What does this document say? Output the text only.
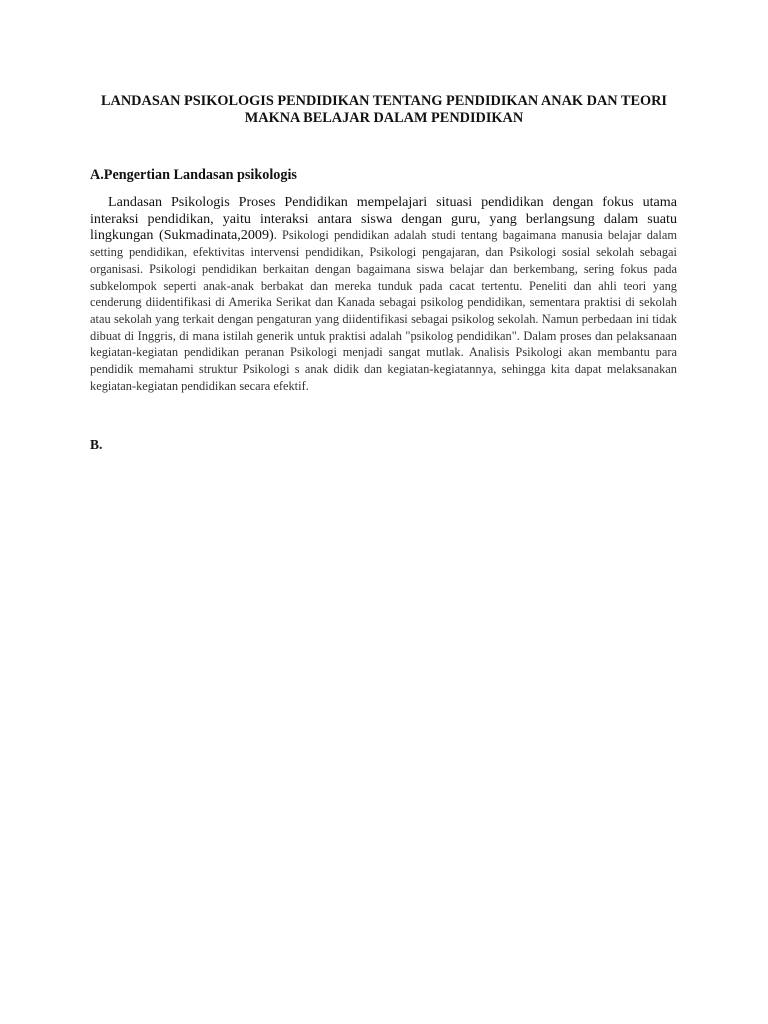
LANDASAN PSIKOLOGIS PENDIDIKAN TENTANG PENDIDIKAN ANAK DAN TEORI
MAKNA BELAJAR DALAM PENDIDIKAN
A.Pengertian Landasan psikologis

Landasan Psikologis Proses Pendidikan mempelajari situasi pendidikan dengan fokus utama interaksi pendidikan, yaitu interaksi antara siswa dengan guru, yang berlangsung dalam suatu lingkungan (Sukmadinata,2009). Psikologi pendidikan adalah studi tentang bagaimana manusia belajar dalam setting pendidikan, efektivitas intervensi pendidikan, Psikologi pengajaran, dan Psikologi sosial sekolah sebagai organisasi. Psikologi pendidikan berkaitan dengan bagaimana siswa belajar dan berkembang, sering fokus pada subkelompok seperti anak-anak berbakat dan mereka tunduk pada cacat tertentu. Peneliti dan ahli teori yang cenderung diidentifikasi di Amerika Serikat dan Kanada sebagai psikolog pendidikan, sementara praktisi di sekolah atau sekolah yang terkait dengan pengaturan yang diidentifikasi sebagai psikolog sekolah. Namun perbedaan ini tidak dibuat di Inggris, di mana istilah generik untuk praktisi adalah "psikolog pendidikan". Dalam proses dan pelaksanaan kegiatan-kegiatan pendidikan peranan Psikologi menjadi sangat mutlak. Analisis Psikologi akan membantu para pendidik memahami struktur Psikologi s anak didik dan kegiatan-kegiatannya, sehingga kita dapat melaksanakan kegiatan-kegiatan pendidikan secara efektif.

B.
